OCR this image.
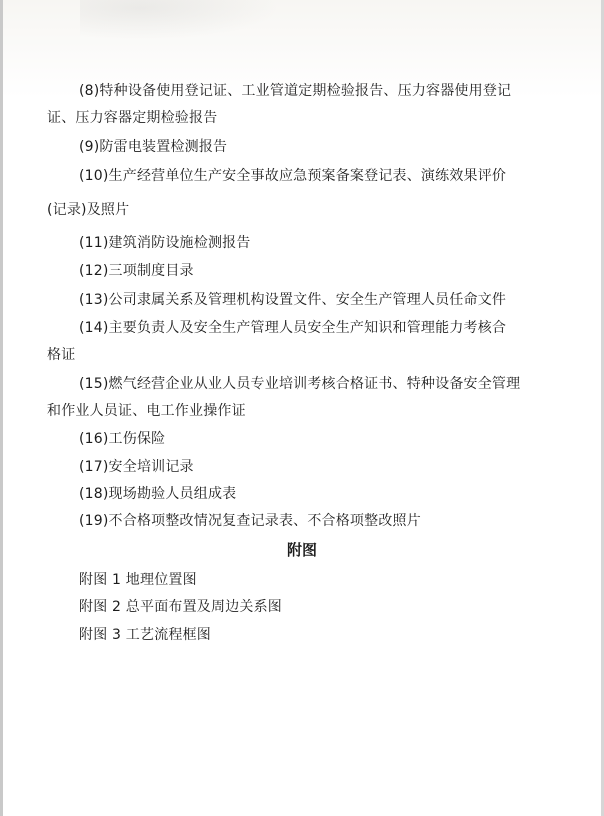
(8)特种设备使用登记证、工业管道定期检验报告、压力容器使用登记
证、压力容器定期检验报告
(9)防雷电装置检测报告
(10)生产经营单位生产安全事故应急预案备案登记表、演练效果评价
(记录)及照片
(11)建筑消防设施检测报告
(12)三项制度目录
(13)公司隶属关系及管理机构设置文件、安全生产管理人员任命文件
(14)主要负责人及安全生产管理人员安全生产知识和管理能力考核合
格证
(15)燃气经营企业从业人员专业培训考核合格证书、特种设备安全管理
和作业人员证、电工作业操作证
(16)工伤保险
(17)安全培训记录
(18)现场勘验人员组成表
(19)不合格项整改情况复查记录表、不合格项整改照片
附图
附图 1 地理位置图
附图 2 总平面布置及周边关系图
附图 3 工艺流程框图
